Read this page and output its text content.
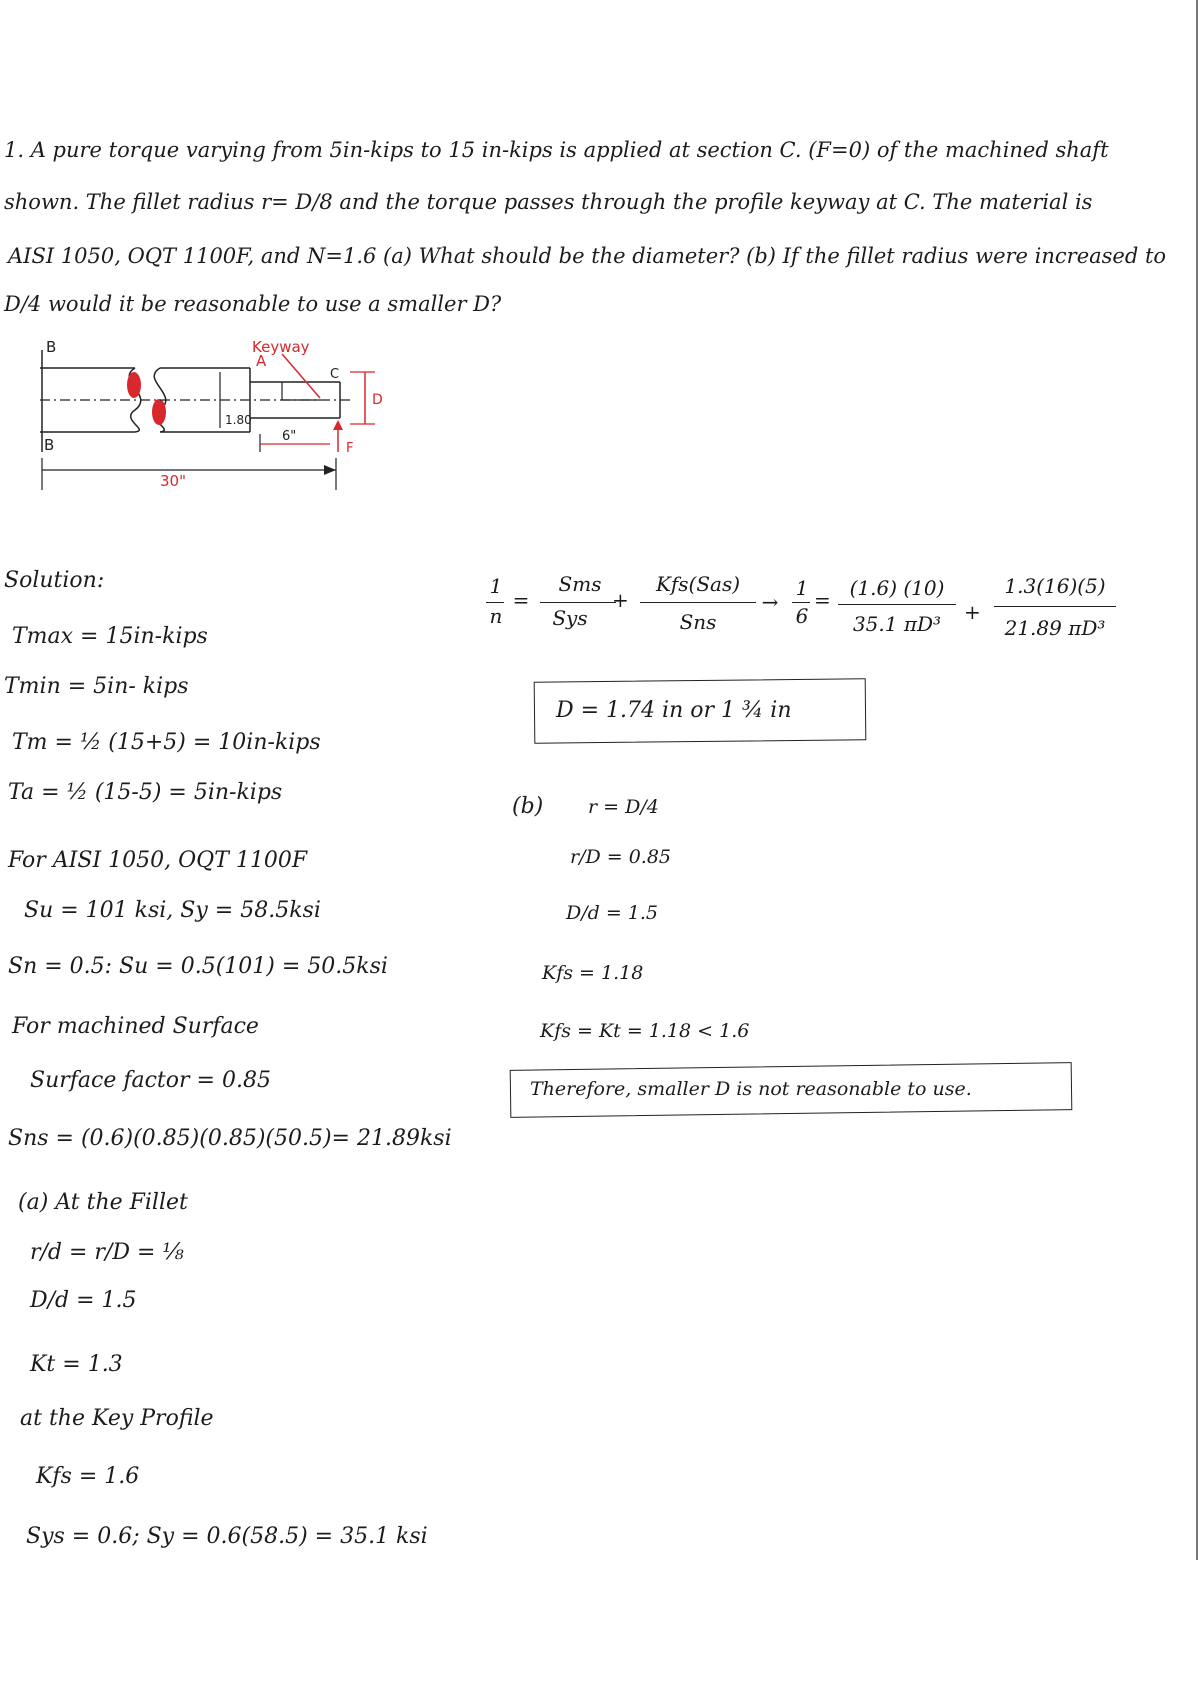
1. A pure torque varying from 5in-kips to 15 in-kips is applied at section C. (F=0) of the machined shaft
shown. The fillet radius r= D/8 and the torque passes through the profile keyway at C. The material is
AISI 1050, OQT 1100F, and N=1.6 (a) What should be the diameter? (b) If the fillet radius were increased to
D/4 would it be reasonable to use a smaller D?
Keyway
A
B
B
C
F
D
1.80
6"
30"
Solution:
Tmax = 15in-kips
Tmin = 5in- kips
Tm = ½ (15+5) = 10in-kips
Ta = ½ (15-5) = 5in-kips
For AISI 1050, OQT 1100F
Su = 101 ksi, Sy = 58.5ksi
Sn = 0.5: Su = 0.5(101) = 50.5ksi
For machined Surface
Surface factor = 0.85
Sns = (0.6)(0.85)(0.85)(50.5)= 21.89ksi
(a) At the Fillet
r/d = r/D = ⅛
D/d = 1.5
Kt = 1.3
at the Key Profile
Kfs = 1.6
Sys = 0.6; Sy = 0.6(58.5) = 35.1 ksi
1
n
=
Sms
Sys
+
Kfs(Sas)
Sns
→
1
6
= (1.6) (10)
35.1 πD³	+
1.3(16)(5)
21.89 πD³
D = 1.74 in or 1 ¾ in
(b) r = D/4
r/D = 0.85
D/d = 1.5
Kfs = 1.18
Kfs = Kt = 1.18 < 1.6
Therefore, smaller D is not reasonable to use.
